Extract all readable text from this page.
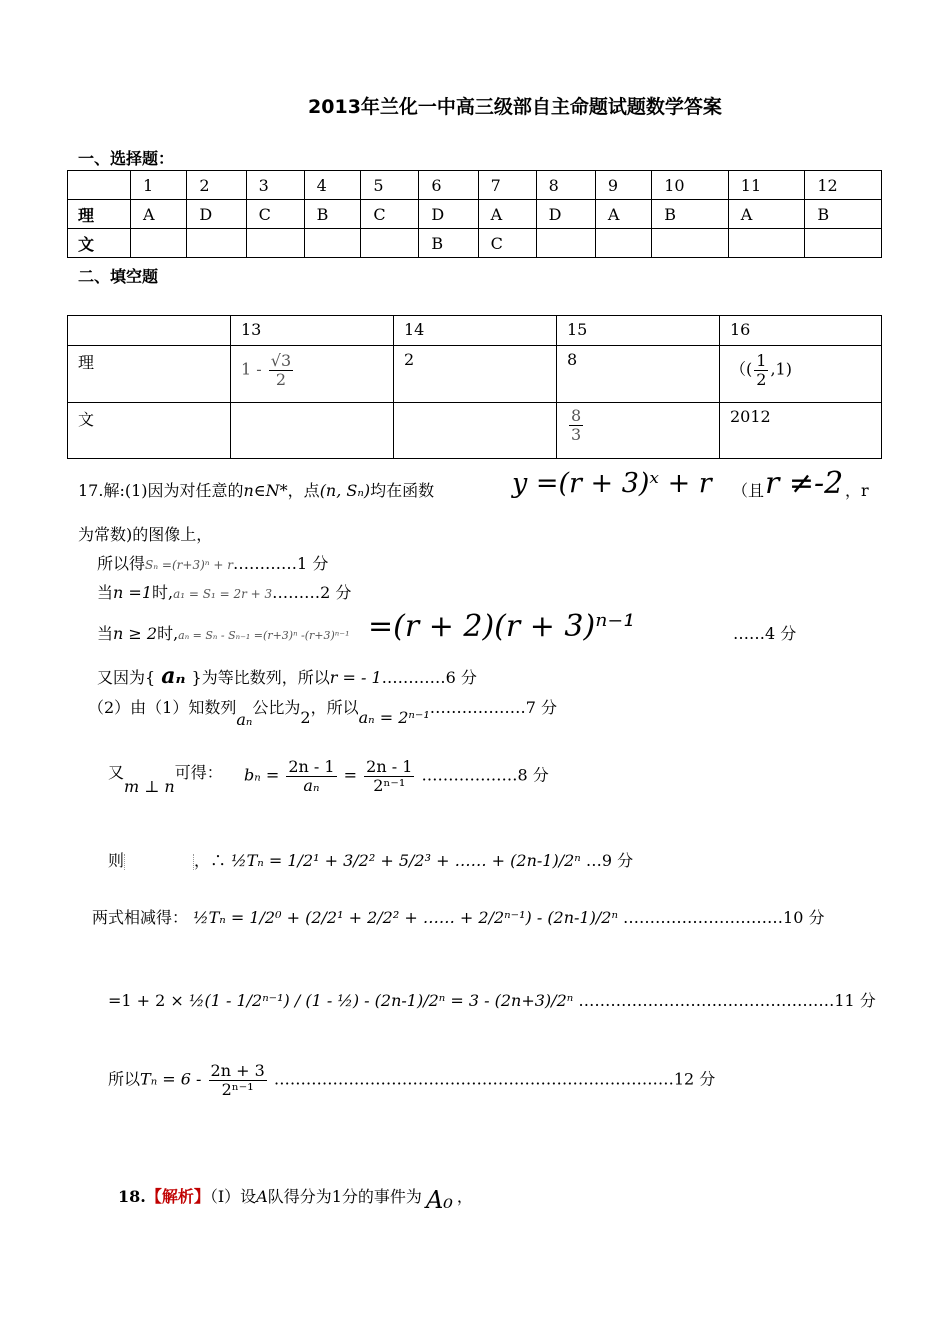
2013年兰化一中高三级部自主命题试题数学答案
一、选择题：
	1	2	3	4	5	6	7	8	9	10	11	12
理	A	D	C	B	C	D	A	D	A	B	A	B
文						B	C					
二、填空题
	13	14	15	16
理	$1 - \frac{√3}{2}$	2	8	（( $\frac{1}{2} ,1$)

文			$\frac{8}{3}$	2012
17.解:(1)因为对任意的n∈N*，点(n, Sₙ)均在函数	y =(r + 3)ˣ + r （且 r ≠-2 ，r
为常数)的图像上，
所以得Sₙ =(r+3)ⁿ + r…………1 分
当n =1时,a₁ = S₁ = 2r + 3………2 分
当n ≥ 2时,aₙ = Sₙ - Sₙ₋₁ =(r+3)ⁿ -(r+3)ⁿ⁻¹ =(r + 2)(r + 3)ⁿ⁻¹	……4 分
又因为{ aₙ }为等比数列，所以r = - 1…………6 分
（2）由（1）知数列aₙ公比为2，所以aₙ = 2ⁿ⁻¹………………7 分
又m ⊥ n可得： $b_n = \frac{2n - 1}{\text{aₙ}} = \frac{2n - 1}{\text{2ⁿ⁻¹}}$ ………………8 分
则	，∴ ½Tₙ = 1/2¹ + 3/2² + 5/2³ + …… + (2n-1)/2ⁿ …9 分
两式相减得： ½Tₙ = 1/2⁰ + (2/2¹ + 2/2² + …… + 2/2ⁿ⁻¹) - (2n-1)/2ⁿ …………………………10 分
=1 + 2 × ½(1 - 1/2ⁿ⁻¹) / (1 - ½) - (2n-1)/2ⁿ = 3 - (2n+3)/2ⁿ …………………………………………11 分
所以$T_n = 6 - \frac{2n + 3}{\text{2ⁿ⁻¹}}$ …………………………………………………………………12 分
18.【解析】（Ⅰ）设A队得分为1分的事件为 A₀ ，
